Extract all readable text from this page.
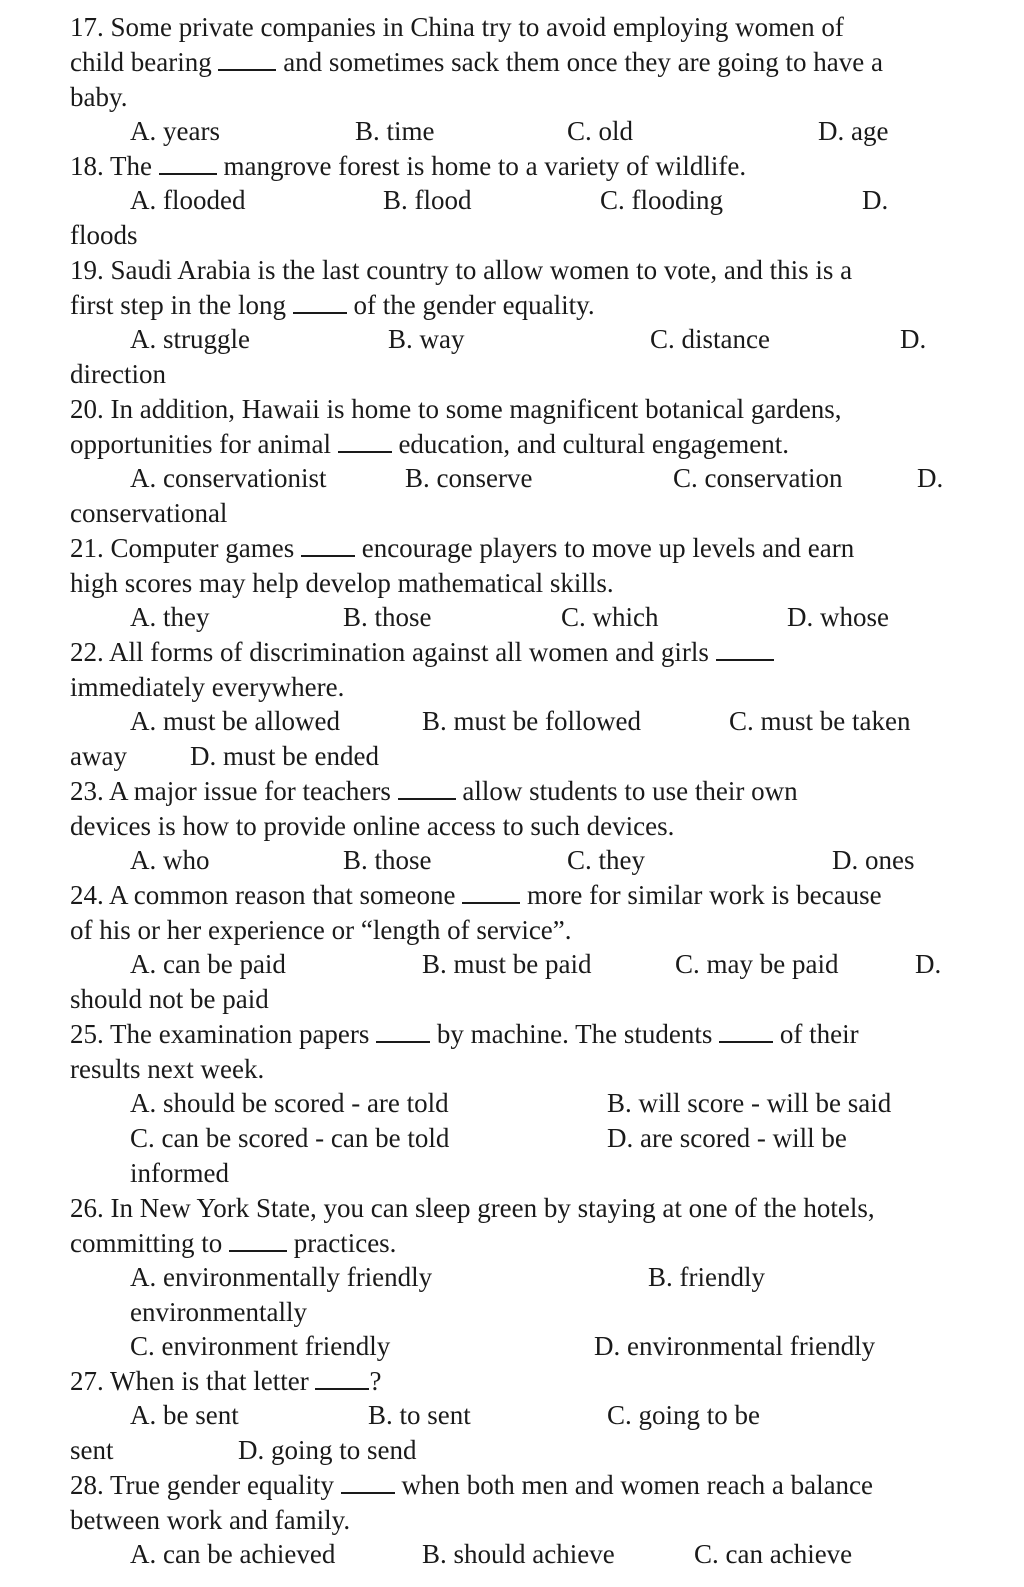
17. Some private companies in China try to avoid employing women of
child bearing	and sometimes sack them once they are going to have a
baby.
A. years	B. time	C. old	D. age
18. The	mangrove forest is home to a variety of wildlife.
A. flooded	B. flood	C. flooding	D.
floods
19. Saudi Arabia is the last country to allow women to vote, and this is a
first step in the long	of the gender equality.
A. struggle	B. way	C. distance	D.
direction
20. In addition, Hawaii is home to some magnificent botanical gardens,
opportunities for animal	education, and cultural engagement.
A. conservationist	B. conserve	C. conservation	D.
conservational
21. Computer games	encourage players to move up levels and earn
high scores may help develop mathematical skills.
A. they	B. those	C. which	D. whose
22. All forms of discrimination against all women and girls
immediately everywhere.
A. must be allowed	B. must be followed	C. must be taken
away D. must be ended
23. A major issue for teachers	allow students to use their own
devices is how to provide online access to such devices.
A. who	B. those	C. they	D. ones
24. A common reason that someone	more for similar work is because
of his or her experience or “length of service”.
A. can be paid	B. must be paid	C. may be paid	D.
should not be paid
25. The examination papers	by machine. The students	of their
results next week.
A. should be scored - are told	B. will score - will be said
C. can be scored - can be told	D. are scored - will be
informed
26. In New York State, you can sleep green by staying at one of the hotels,
committing to	practices.
A. environmentally friendly	B. friendly
environmentally
C. environment friendly	D. environmental friendly
27. When is that letter ?
A. be sent	B. to sent	C. going to be
sent	D. going to send
28. True gender equality	when both men and women reach a balance
between work and family.
A. can be achieved	B. should achieve	C. can achieve
